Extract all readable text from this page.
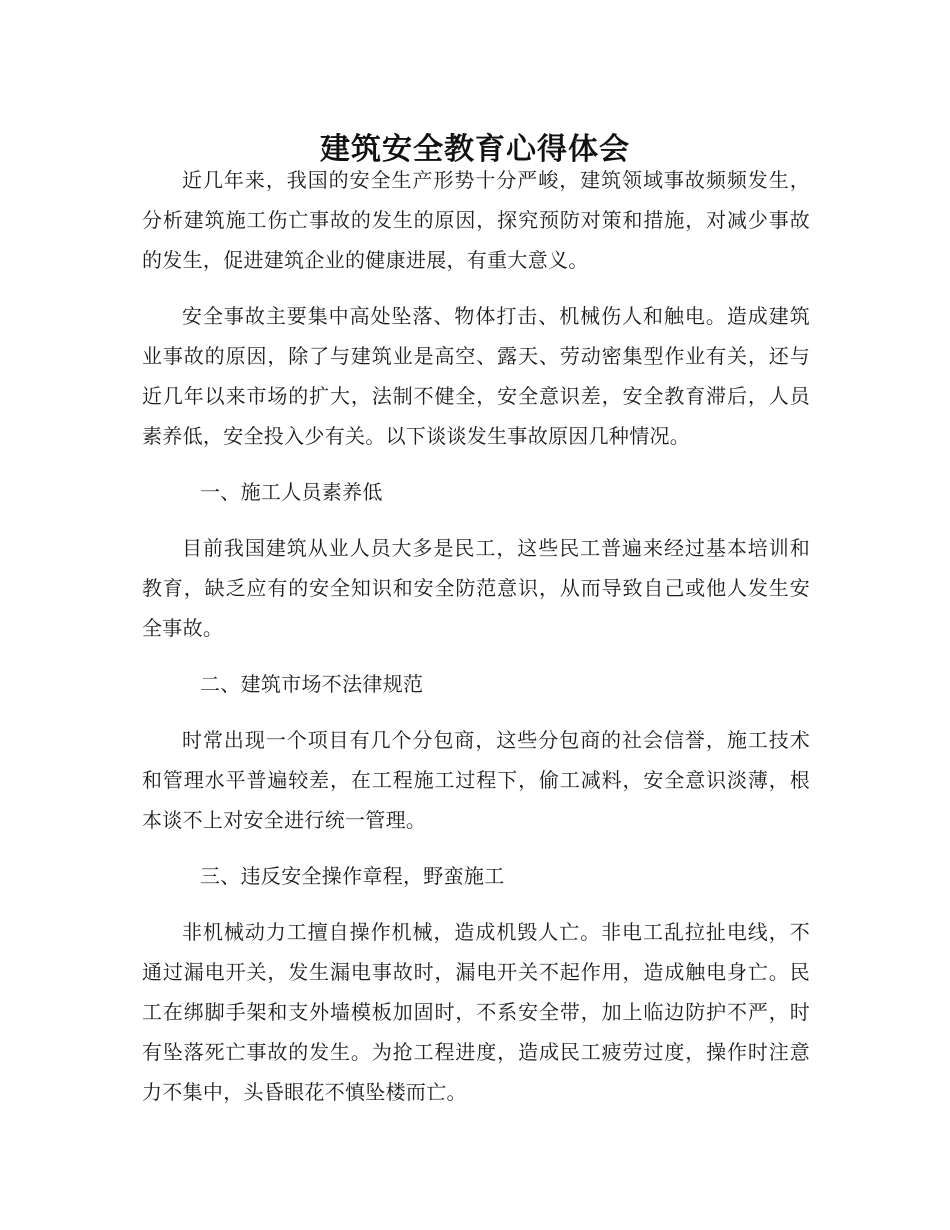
建筑安全教育心得体会

近几年来，我国的安全生产形势十分严峻，建筑领域事故频频发生，分析建筑施工伤亡事故的发生的原因，探究预防对策和措施，对减少事故的发生，促进建筑企业的健康进展，有重大意义。

安全事故主要集中高处坠落、物体打击、机械伤人和触电。造成建筑业事故的原因，除了与建筑业是高空、露天、劳动密集型作业有关，还与近几年以来市场的扩大，法制不健全，安全意识差，安全教育滞后，人员素养低，安全投入少有关。以下谈谈发生事故原因几种情况。

一、施工人员素养低

目前我国建筑从业人员大多是民工，这些民工普遍来经过基本培训和教育，缺乏应有的安全知识和安全防范意识，从而导致自己或他人发生安全事故。

二、建筑市场不法律规范

时常出现一个项目有几个分包商，这些分包商的社会信誉，施工技术和管理水平普遍较差，在工程施工过程下，偷工减料，安全意识淡薄，根本谈不上对安全进行统一管理。

三、违反安全操作章程，野蛮施工

非机械动力工擅自操作机械，造成机毁人亡。非电工乱拉扯电线，不通过漏电开关，发生漏电事故时，漏电开关不起作用，造成触电身亡。民工在绑脚手架和支外墙模板加固时，不系安全带，加上临边防护不严，时有坠落死亡事故的发生。为抢工程进度，造成民工疲劳过度，操作时注意力不集中，头昏眼花不慎坠楼而亡。
